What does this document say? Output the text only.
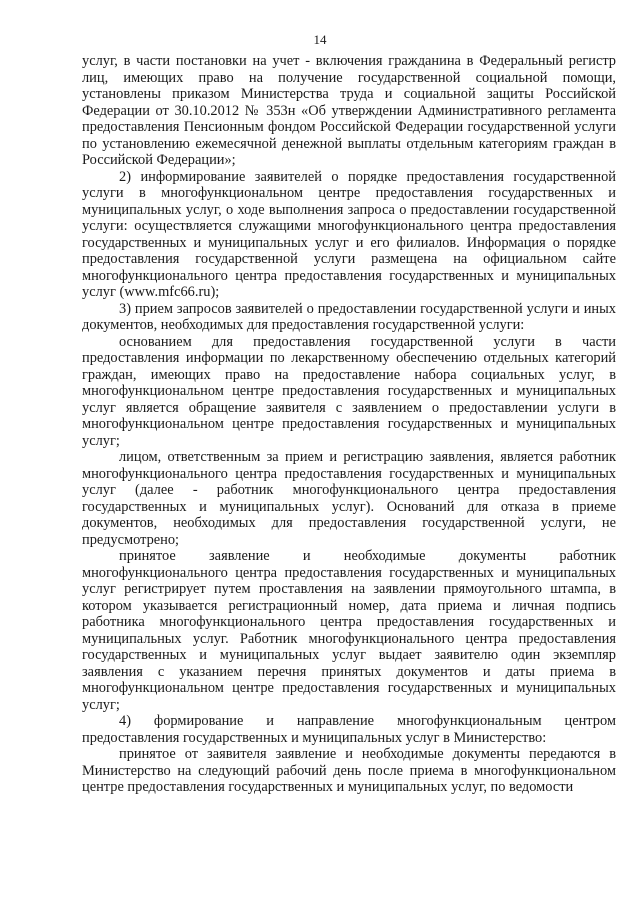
14

услуг, в части постановки на учет - включения гражданина в Федеральный регистр лиц, имеющих право на получение государственной социальной помощи, установлены приказом Министерства труда и социальной защиты Российской Федерации от 30.10.2012 № 353н «Об утверждении Административного регламента предоставления Пенсионным фондом Российской Федерации государственной услуги по установлению ежемесячной денежной выплаты отдельным категориям граждан в Российской Федерации»;

2) информирование заявителей о порядке предоставления государственной услуги в многофункциональном центре предоставления государственных и муниципальных услуг, о ходе выполнения запроса о предоставлении государственной услуги: осуществляется служащими многофункционального центра предоставления государственных и муниципальных услуг и его филиалов. Информация о порядке предоставления государственной услуги размещена на официальном сайте многофункционального центра предоставления государственных и муниципальных услуг (www.mfc66.ru);

3) прием запросов заявителей о предоставлении государственной услуги и иных документов, необходимых для предоставления государственной услуги:

основанием для предоставления государственной услуги в части предоставления информации по лекарственному обеспечению отдельных категорий граждан, имеющих право на предоставление набора социальных услуг, в многофункциональном центре предоставления государственных и муниципальных услуг является обращение заявителя с заявлением о предоставлении услуги в многофункциональном центре предоставления государственных и муниципальных услуг;

лицом, ответственным за прием и регистрацию заявления, является работник многофункционального центра предоставления государственных и муниципальных услуг (далее - работник многофункционального центра предоставления государственных и муниципальных услуг). Оснований для отказа в приеме документов, необходимых для предоставления государственной услуги, не предусмотрено;

принятое заявление и необходимые документы работник многофункционального центра предоставления государственных и муниципальных услуг регистрирует путем проставления на заявлении прямоугольного штампа, в котором указывается регистрационный номер, дата приема и личная подпись работника многофункционального центра предоставления государственных и муниципальных услуг. Работник многофункционального центра предоставления государственных и муниципальных услуг выдает заявителю один экземпляр заявления с указанием перечня принятых документов и даты приема в многофункциональном центре предоставления государственных и муниципальных услуг;

4) формирование и направление многофункциональным центром предоставления государственных и муниципальных услуг в Министерство:

принятое от заявителя заявление и необходимые документы передаются в Министерство на следующий рабочий день после приема в многофункциональном центре предоставления государственных и муниципальных услуг, по ведомости
